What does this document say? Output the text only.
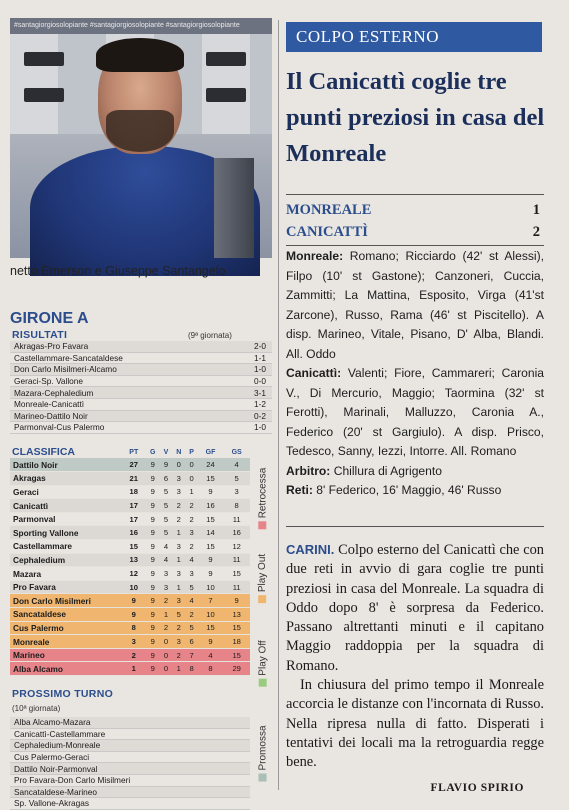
#santagiorgiosolopiante #santagiorgiosolopiante #santagiorgiosolopiante
netto Emerson e Giuseppe Santangelo
GIRONE A
RISULTATI	(9ª giornata)
Akragas-Pro Favara	2-0
Castellammare-Sancataldese	1-1
Don Carlo Misilmeri-Alcamo	1-0
Geraci-Sp. Vallone	0-0
Mazara-Cephaledium	3-1
Monreale-Canicattì	1-2
Marineo-Dattilo Noir	0-2
Parmonval-Cus Palermo	1-0
CLASSIFICA	PT	G	V	N	P	GF	GS
Dattilo Noir	27	9	9	0	0	24	4
Akragas	21	9	6	3	0	15	5
Geraci	18	9	5	3	1	9	3
Canicattì	17	9	5	2	2	16	8
Parmonval	17	9	5	2	2	15	11
Sporting Vallone	16	9	5	1	3	14	16
Castellammare	15	9	4	3	2	15	12
Cephaledium	13	9	4	1	4	9	11
Mazara	12	9	3	3	3	9	15
Pro Favara	10	9	3	1	5	10	11
Don Carlo Misilmeri	9	9	2	3	4	7	9
Sancataldese	9	9	1	5	2	10	13
Cus Palermo	8	9	2	2	5	15	15
Monreale	3	9	0	3	6	9	18
Marineo	2	9	0	2	7	4	15
Alba Alcamo	1	9	0	1	8	8	29
Promossa
Play Off
Play Out
Retrocessa
PROSSIMO TURNO
(10ª giornata)
Alba Alcamo-Mazara
Canicattì-Castellammare
Cephaledium-Monreale
Cus Palermo-Geraci
Dattilo Noir-Parmonval
Pro Favara-Don Carlo Misilmeri
Sancataldese-Marineo
Sp. Vallone-Akragas
COLPO ESTERNO
Il Canicattì coglie tre punti preziosi in casa del Monreale
MONREALE	1
CANICATTÌ	2

Monreale: Romano; Ricciardo (42' st Alessi), Filpo (10' st Gastone); Canzoneri, Cuccia, Zammitti; La Mattina, Esposito, Virga (41'st Zarcone), Russo, Rama (46' st Piscitello). A disp. Marineo, Vitale, Pisano, D' Alba, Blandi. All. Oddo

Canicattì: Valenti; Fiore, Cammareri; Caronia V., Di Mercurio, Maggio; Taormina (32' st Ferotti), Marinali, Malluzzo, Caronia A., Federico (20' st Gargiulo). A disp. Prisco, Tedesco, Sanny, Iezzi, Intorre. All. Romano

Arbitro: Chillura di Agrigento

Reti: 8' Federico, 16' Maggio, 46' Russo

CARINI. Colpo esterno del Canicattì che con due reti in avvio di gara coglie tre punti preziosi in casa del Monreale. La squadra di Oddo dopo 8' è sorpresa da Federico. Passano altrettanti minuti e il capitano Maggio raddoppia per la squadra di Romano.

In chiusura del primo tempo il Monreale accorcia le distanze con l'incornata di Russo. Nella ripresa nulla di fatto. Disperati i tentativi dei locali ma la retroguardia regge bene.

FLAVIO SPIRIO
